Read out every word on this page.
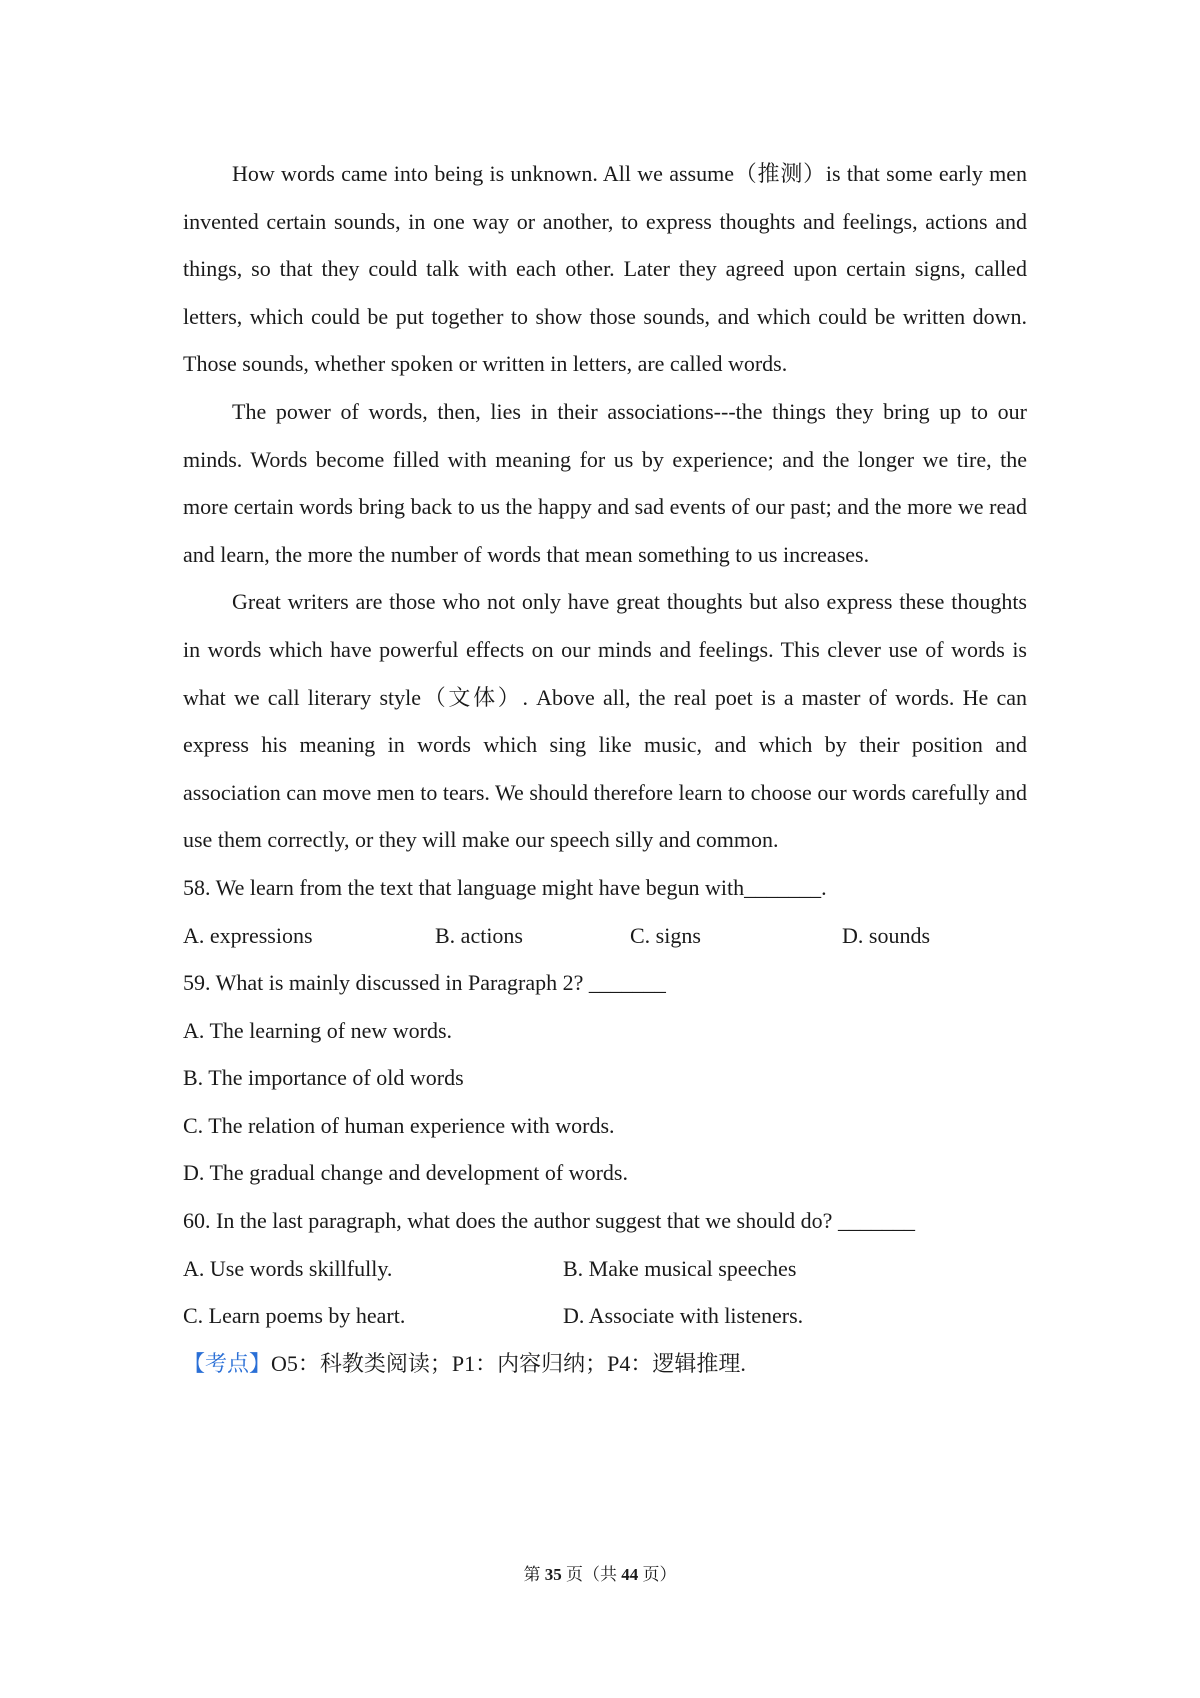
How words came into being is unknown. All we assume（推测）is that some early men invented certain sounds, in one way or another, to express thoughts and feelings, actions and things, so that they could talk with each other. Later they agreed upon certain signs, called letters, which could be put together to show those sounds, and which could be written down. Those sounds, whether spoken or written in letters, are called words.

The power of words, then, lies in their associations---the things they bring up to our minds. Words become filled with meaning for us by experience; and the longer we tire, the more certain words bring back to us the happy and sad events of our past; and the more we read and learn, the more the number of words that mean something to us increases.

Great writers are those who not only have great thoughts but also express these thoughts in words which have powerful effects on our minds and feelings. This clever use of words is what we call literary style（文体）. Above all, the real poet is a master of words. He can express his meaning in words which sing like music, and which by their position and association can move men to tears. We should therefore learn to choose our words carefully and use them correctly, or they will make our speech silly and common.

58. We learn from the text that language might have begun with_______.

A. expressions	B. actions	C. signs	D. sounds

59. What is mainly discussed in Paragraph 2? _______

A. The learning of new words.

B. The importance of old words

C. The relation of human experience with words.

D. The gradual change and development of words.

60. In the last paragraph, what does the author suggest that we should do? _______

A. Use words skillfully.	B. Make musical speeches
C. Learn poems by heart.	D. Associate with listeners.

【考点】O5：科教类阅读；P1：内容归纳；P4：逻辑推理.

第 35 页（共 44 页）
